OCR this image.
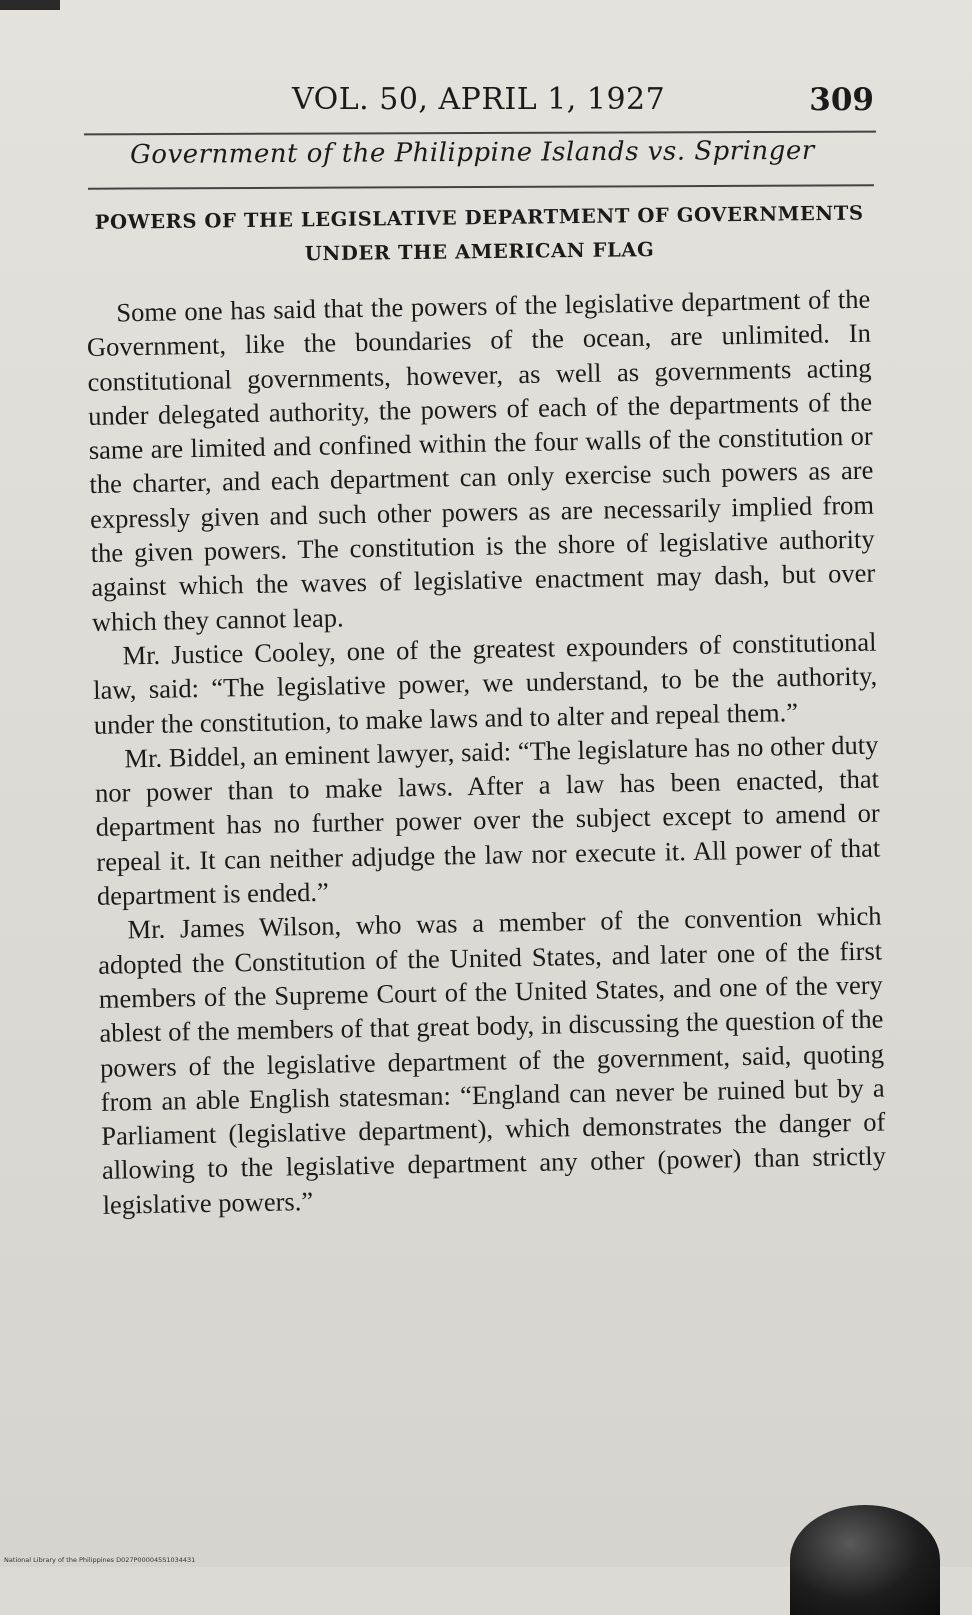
VOL. 50, APRIL 1, 1927	309
Government of the Philippine Islands vs. Springer
POWERS OF THE LEGISLATIVE DEPARTMENT OF GOVERNMENTS
UNDER THE AMERICAN FLAG

Some one has said that the powers of the legislative department of the Government, like the boundaries of the ocean, are unlimited. In constitutional governments, however, as well as governments acting under delegated authority, the powers of each of the departments of the same are limited and confined within the four walls of the constitution or the charter, and each department can only exercise such powers as are expressly given and such other powers as are necessarily implied from the given powers. The constitution is the shore of legislative authority against which the waves of legislative enactment may dash, but over which they cannot leap.

Mr. Justice Cooley, one of the greatest expounders of constitutional law, said: “The legislative power, we understand, to be the authority, under the constitution, to make laws and to alter and repeal them.”

Mr. Biddel, an eminent lawyer, said: “The legislature has no other duty nor power than to make laws. After a law has been enacted, that department has no further power over the subject except to amend or repeal it. It can neither adjudge the law nor execute it. All power of that department is ended.”

Mr. James Wilson, who was a member of the convention which adopted the Constitution of the United States, and later one of the first members of the Supreme Court of the United States, and one of the very ablest of the members of that great body, in discussing the question of the powers of the legislative department of the government, said, quoting from an able English statesman: “England can never be ruined but by a Parliament (legislative department), which demonstrates the danger of allowing to the legislative department any other (power) than strictly legislative powers.”

National Library of the Philippines D027P000045S1034431
